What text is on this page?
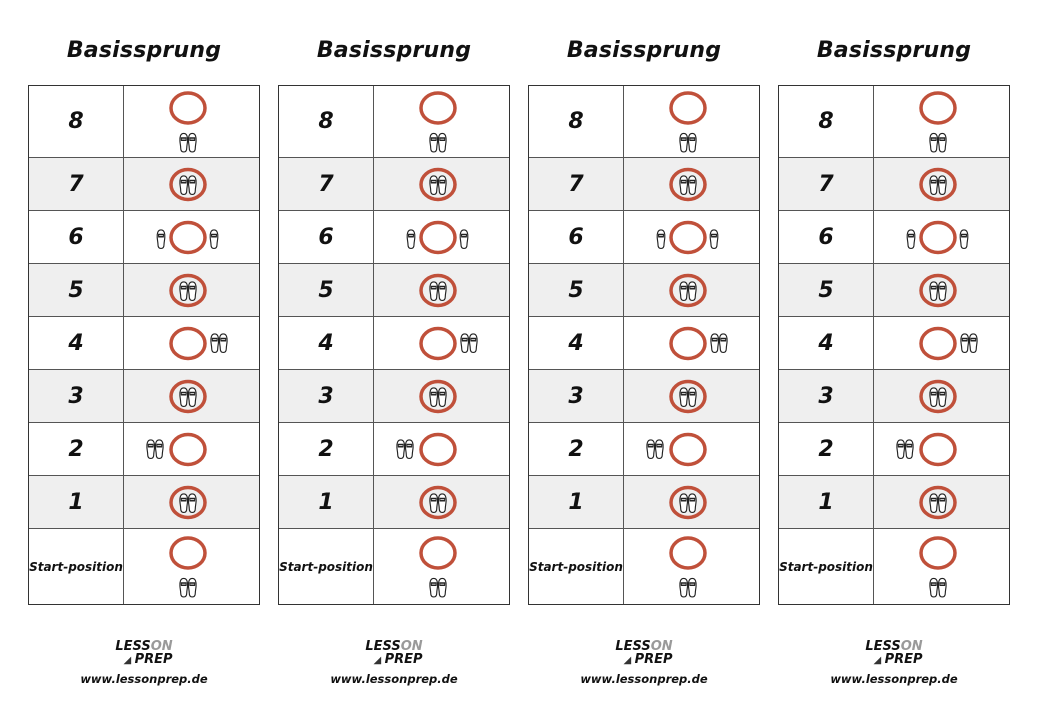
Basissprung
8
7
6
5
4
3
2
1
Start- position
LESSON
◢ PREP
www.lessonprep.de
Basissprung
8
7
6
5
4
3
2
1
Start- position
LESSON
◢ PREP
www.lessonprep.de
Basissprung
8
7
6
5
4
3
2
1
Start- position
LESSON
◢ PREP
www.lessonprep.de
Basissprung
8
7
6
5
4
3
2
1
Start- position
LESSON
◢ PREP
www.lessonprep.de
